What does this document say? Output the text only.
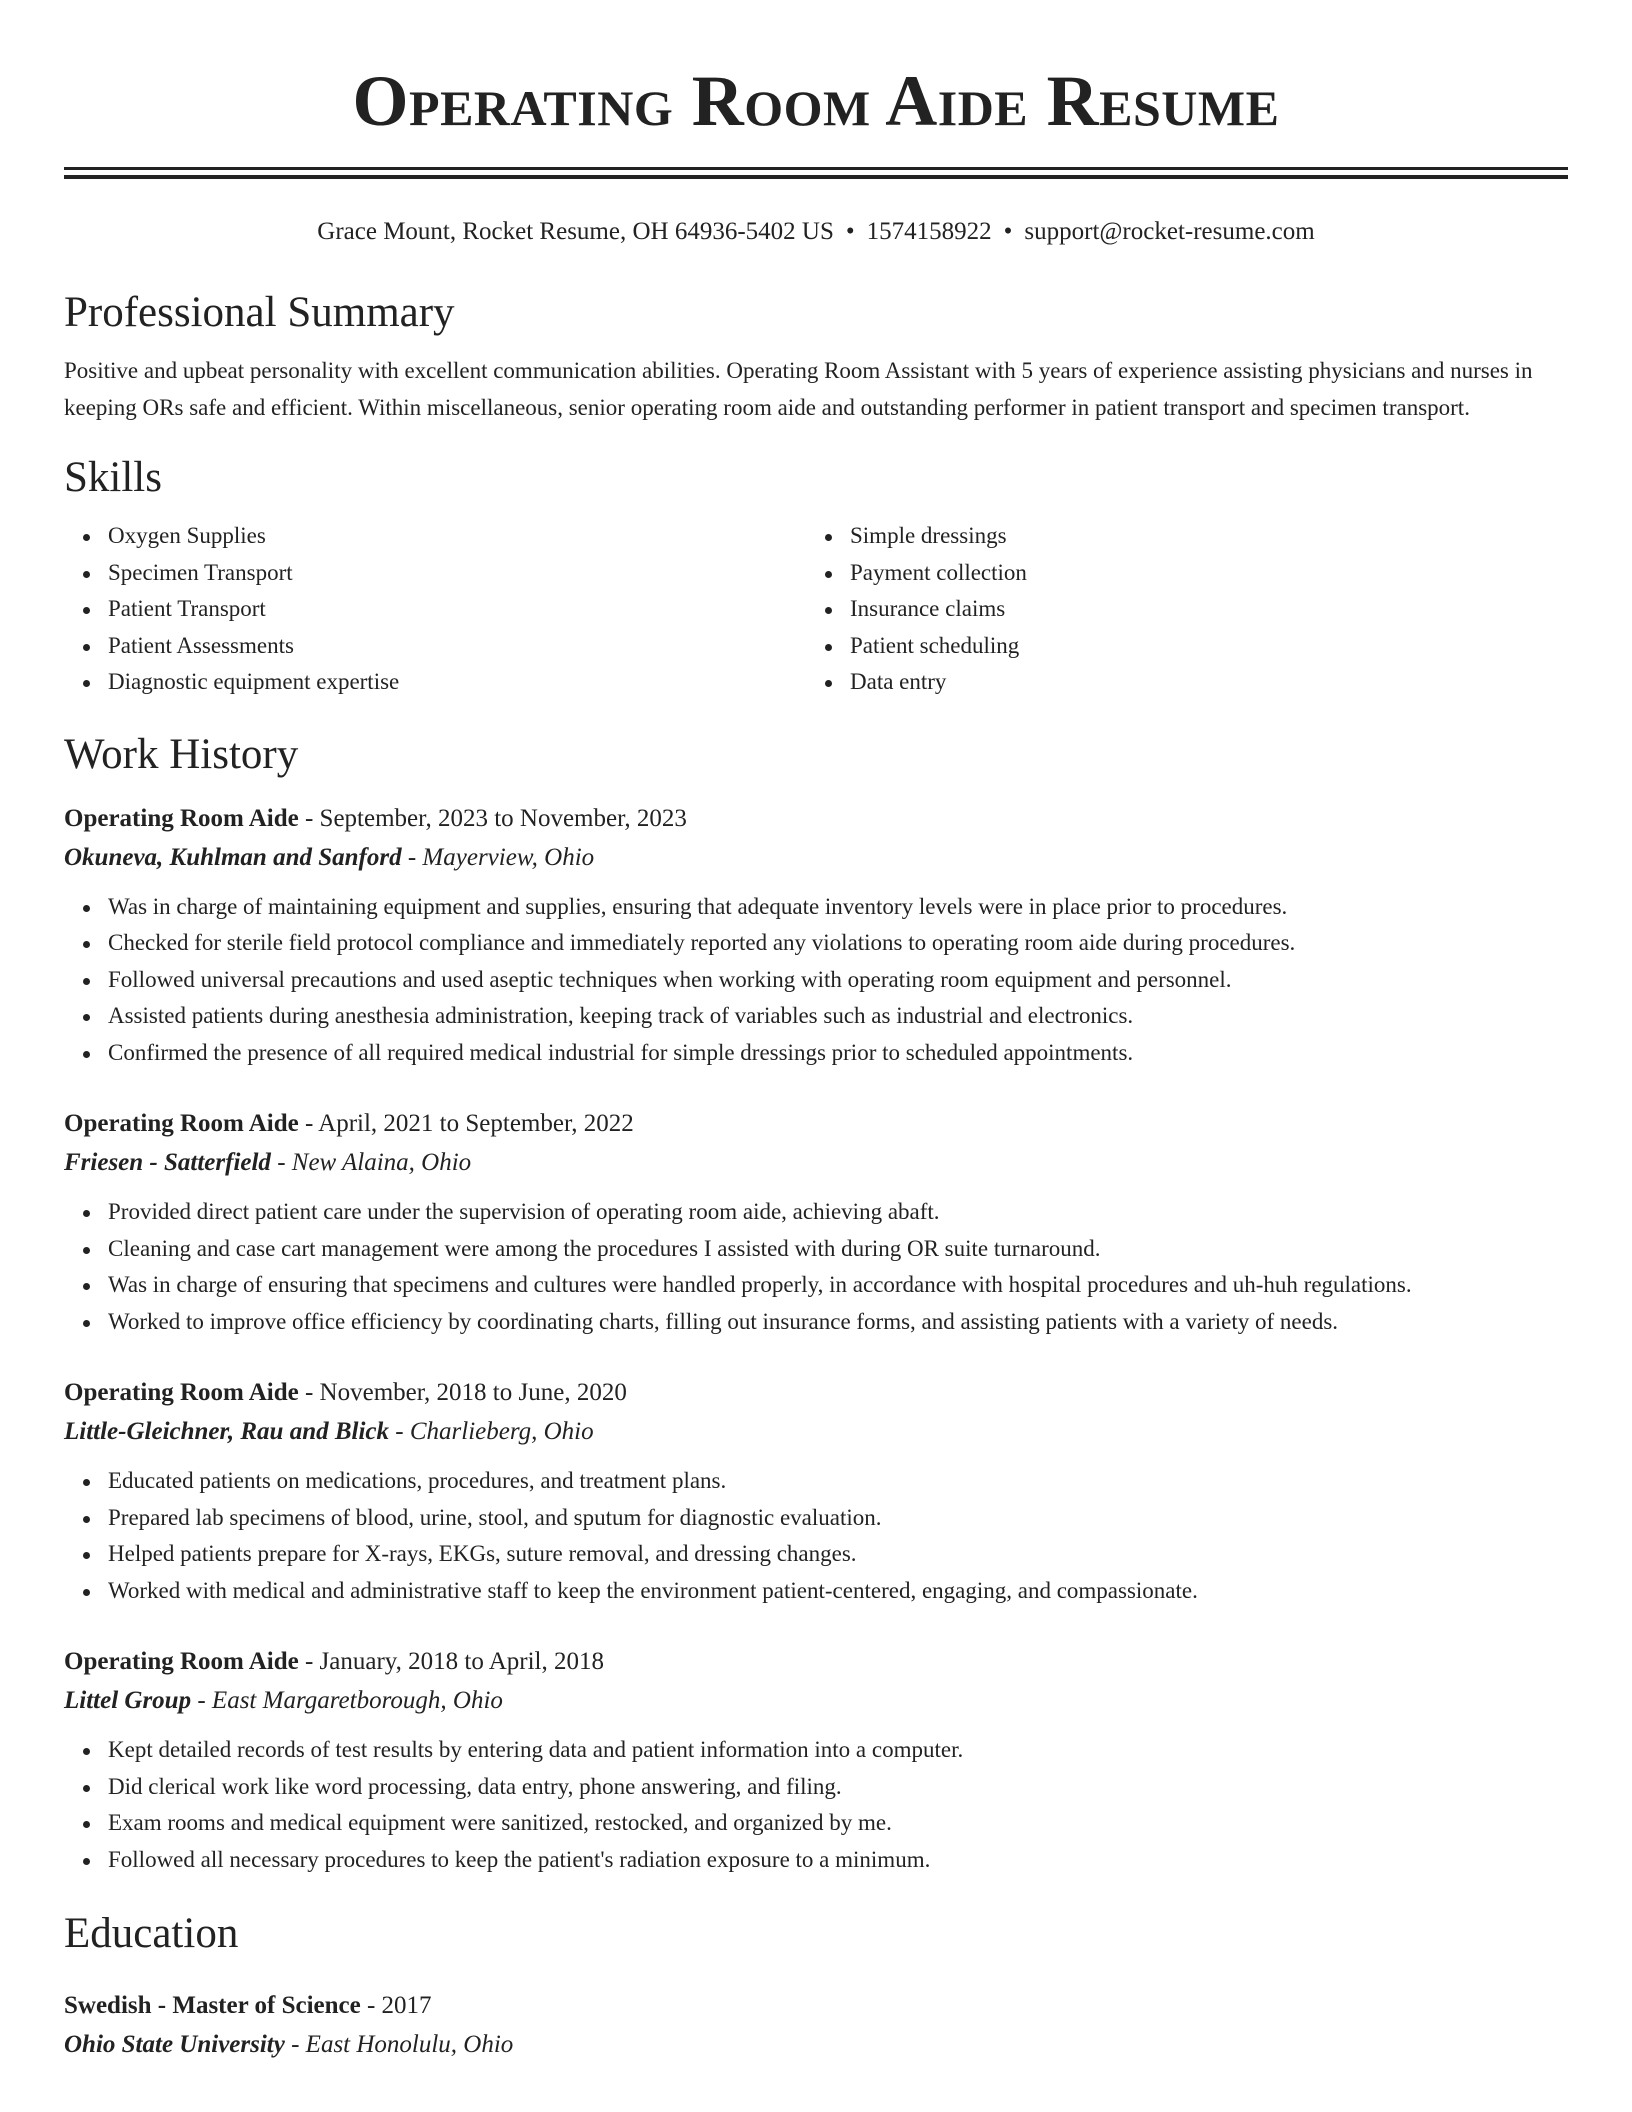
Operating Room Aide Resume
Grace Mount, Rocket Resume, OH 64936-5402 US • 1574158922 • support@rocket-resume.com
Professional Summary

Positive and upbeat personality with excellent communication abilities. Operating Room Assistant with 5 years of experience assisting physicians and nurses in keeping ORs safe and efficient. Within miscellaneous, senior operating room aide and outstanding performer in patient transport and specimen transport.

Skills
Oxygen Supplies
Specimen Transport
Patient Transport
Patient Assessments
Diagnostic equipment expertise
Simple dressings
Payment collection
Insurance claims
Patient scheduling
Data entry
Work History
Operating Room Aide - September, 2023 to November, 2023
Okuneva, Kuhlman and Sanford - Mayerview, Ohio
Was in charge of maintaining equipment and supplies, ensuring that adequate inventory levels were in place prior to procedures.
Checked for sterile field protocol compliance and immediately reported any violations to operating room aide during procedures.
Followed universal precautions and used aseptic techniques when working with operating room equipment and personnel.
Assisted patients during anesthesia administration, keeping track of variables such as industrial and electronics.
Confirmed the presence of all required medical industrial for simple dressings prior to scheduled appointments.
Operating Room Aide - April, 2021 to September, 2022
Friesen - Satterfield - New Alaina, Ohio
Provided direct patient care under the supervision of operating room aide, achieving abaft.
Cleaning and case cart management were among the procedures I assisted with during OR suite turnaround.
Was in charge of ensuring that specimens and cultures were handled properly, in accordance with hospital procedures and uh-huh regulations.
Worked to improve office efficiency by coordinating charts, filling out insurance forms, and assisting patients with a variety of needs.
Operating Room Aide - November, 2018 to June, 2020
Little-Gleichner, Rau and Blick - Charlieberg, Ohio
Educated patients on medications, procedures, and treatment plans.
Prepared lab specimens of blood, urine, stool, and sputum for diagnostic evaluation.
Helped patients prepare for X-rays, EKGs, suture removal, and dressing changes.
Worked with medical and administrative staff to keep the environment patient-centered, engaging, and compassionate.
Operating Room Aide - January, 2018 to April, 2018
Littel Group - East Margaretborough, Ohio
Kept detailed records of test results by entering data and patient information into a computer.
Did clerical work like word processing, data entry, phone answering, and filing.
Exam rooms and medical equipment were sanitized, restocked, and organized by me.
Followed all necessary procedures to keep the patient's radiation exposure to a minimum.
Education
Swedish - Master of Science - 2017
Ohio State University - East Honolulu, Ohio
